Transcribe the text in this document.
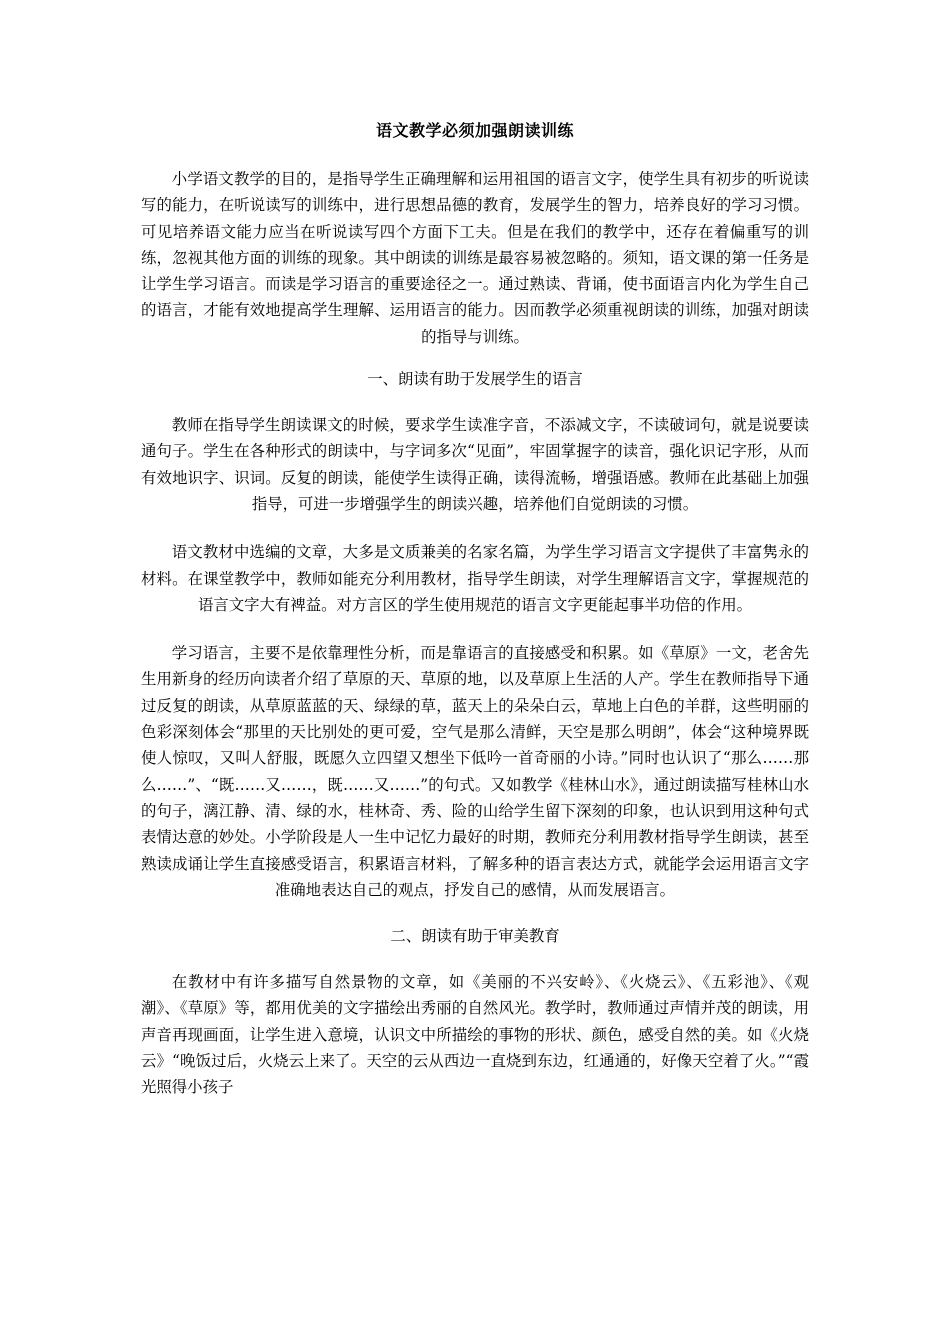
语文教学必须加强朗读训练

小学语文教学的目的，是指导学生正确理解和运用祖国的语言文字，使学生具有初步的听说读写的能力，在听说读写的训练中，进行思想品德的教育，发展学生的智力，培养良好的学习习惯。可见培养语文能力应当在听说读写四个方面下工夫。但是在我们的教学中，还存在着偏重写的训练，忽视其他方面的训练的现象。其中朗读的训练是最容易被忽略的。须知，语文课的第一任务是让学生学习语言。而读是学习语言的重要途径之一。通过熟读、背诵，使书面语言内化为学生自己的语言，才能有效地提高学生理解、运用语言的能力。因而教学必须重视朗读的训练，加强对朗读的指导与训练。

一、朗读有助于发展学生的语言

教师在指导学生朗读课文的时候，要求学生读准字音，不添减文字，不读破词句，就是说要读通句子。学生在各种形式的朗读中，与字词多次“见面”，牢固掌握字的读音，强化识记字形，从而有效地识字、识词。反复的朗读，能使学生读得正确，读得流畅，增强语感。教师在此基础上加强指导，可进一步增强学生的朗读兴趣，培养他们自觉朗读的习惯。

语文教材中选编的文章，大多是文质兼美的名家名篇，为学生学习语言文字提供了丰富隽永的材料。在课堂教学中，教师如能充分利用教材，指导学生朗读，对学生理解语言文字，掌握规范的语言文字大有裨益。对方言区的学生使用规范的语言文字更能起事半功倍的作用。

学习语言，主要不是依靠理性分析，而是靠语言的直接感受和积累。如《草原》一文，老舍先生用新身的经历向读者介绍了草原的天、草原的地，以及草原上生活的人产。学生在教师指导下通过反复的朗读，从草原蓝蓝的天、绿绿的草，蓝天上的朵朵白云，草地上白色的羊群，这些明丽的色彩深刻体会“那里的天比别处的更可爱，空气是那么清鲜，天空是那么明朗”，体会“这种境界既使人惊叹，又叫人舒服，既愿久立四望又想坐下低吟一首奇丽的小诗。”同时也认识了“那么……那么……”、“既……又……，既……又……”的句式。又如教学《桂林山水》，通过朗读描写桂林山水的句子，漓江静、清、绿的水，桂林奇、秀、险的山给学生留下深刻的印象，也认识到用这种句式表情达意的妙处。小学阶段是人一生中记忆力最好的时期，教师充分利用教材指导学生朗读，甚至熟读成诵让学生直接感受语言，积累语言材料，了解多种的语言表达方式，就能学会运用语言文字准确地表达自己的观点，抒发自己的感情，从而发展语言。

二、朗读有助于审美教育

在教材中有许多描写自然景物的文章，如《美丽的不兴安岭》、《火烧云》、《五彩池》、《观潮》、《草原》等，都用优美的文字描绘出秀丽的自然风光。教学时，教师通过声情并茂的朗读，用声音再现画面，让学生进入意境，认识文中所描绘的事物的形状、颜色，感受自然的美。如《火烧云》“晚饭过后，火烧云上来了。天空的云从西边一直烧到东边，红通通的，好像天空着了火。”“霞光照得小孩子
